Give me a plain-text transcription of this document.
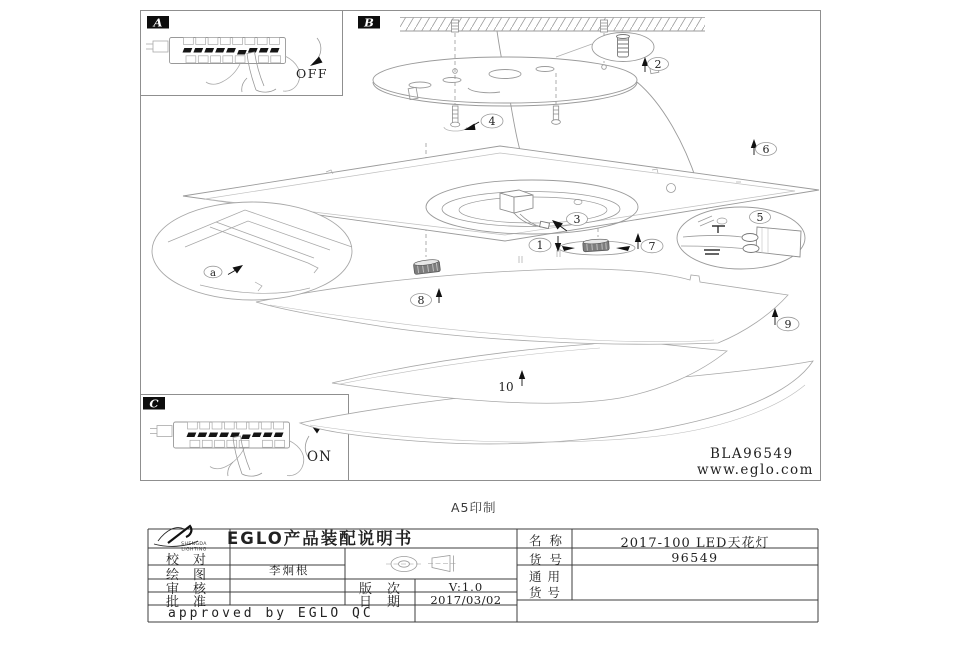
A	B
C
1
2
3
4
5
6
7
8
9
10
a
SHENGDA
LIGHTING
OFF
ON	BLA96549
www.eglo.com
A5印制
EGLO产品装配说明书
校对
绘图
审核
批准
李炯根
版次
日期
V:1.0
2017/03/02
approved by EGLO QC
名称
货号
通用
货号
2017-100 LED天花灯
96549
